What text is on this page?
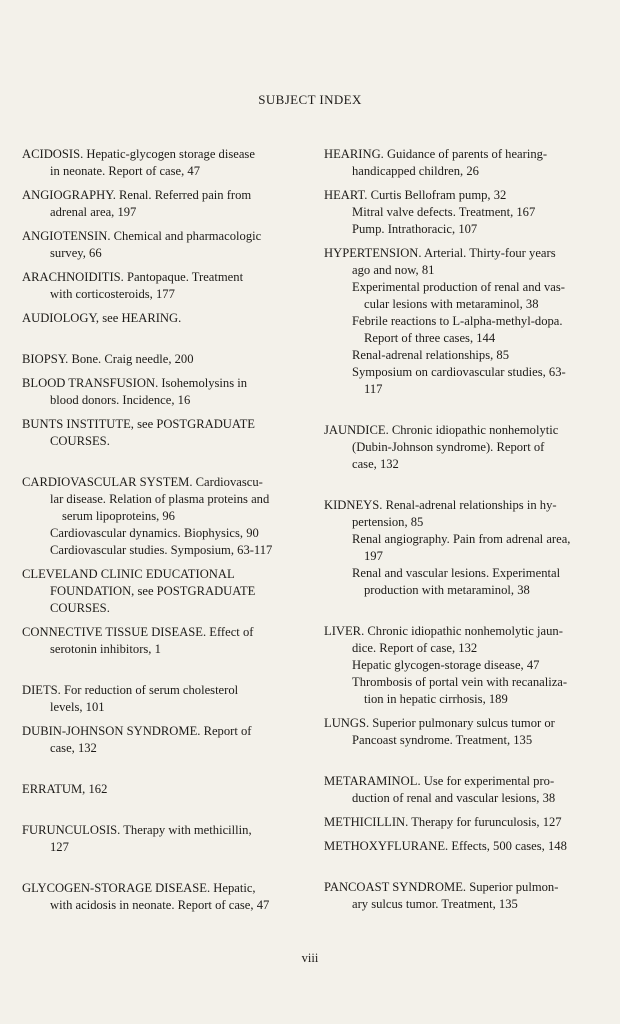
SUBJECT INDEX
ACIDOSIS. Hepatic-glycogen storage disease
in neonate. Report of case, 47
ANGIOGRAPHY. Renal. Referred pain from
adrenal area, 197
ANGIOTENSIN. Chemical and pharmacologic
survey, 66
ARACHNOIDITIS. Pantopaque. Treatment
with corticosteroids, 177
AUDIOLOGY, see HEARING.
BIOPSY. Bone. Craig needle, 200
BLOOD TRANSFUSION. Isohemolysins in
blood donors. Incidence, 16
BUNTS INSTITUTE, see POSTGRADUATE
COURSES.
CARDIOVASCULAR SYSTEM. Cardiovascu-
lar disease. Relation of plasma proteins and
serum lipoproteins, 96
Cardiovascular dynamics. Biophysics, 90
Cardiovascular studies. Symposium, 63-117
CLEVELAND CLINIC EDUCATIONAL
FOUNDATION, see POSTGRADUATE
COURSES.
CONNECTIVE TISSUE DISEASE. Effect of
serotonin inhibitors, 1
DIETS. For reduction of serum cholesterol
levels, 101
DUBIN-JOHNSON SYNDROME. Report of
case, 132
ERRATUM, 162
FURUNCULOSIS. Therapy with methicillin,
127
GLYCOGEN-STORAGE DISEASE. Hepatic,
with acidosis in neonate. Report of case, 47
HEARING. Guidance of parents of hearing-
handicapped children, 26
HEART. Curtis Bellofram pump, 32
Mitral valve defects. Treatment, 167
Pump. Intrathoracic, 107
HYPERTENSION. Arterial. Thirty-four years
ago and now, 81
Experimental production of renal and vas-
cular lesions with metaraminol, 38
Febrile reactions to L-alpha-methyl-dopa.
Report of three cases, 144
Renal-adrenal relationships, 85
Symposium on cardiovascular studies, 63-
117
JAUNDICE. Chronic idiopathic nonhemolytic
(Dubin-Johnson syndrome). Report of
case, 132
KIDNEYS. Renal-adrenal relationships in hy-
pertension, 85
Renal angiography. Pain from adrenal area,
197
Renal and vascular lesions. Experimental
production with metaraminol, 38
LIVER. Chronic idiopathic nonhemolytic jaun-
dice. Report of case, 132
Hepatic glycogen-storage disease, 47
Thrombosis of portal vein with recanaliza-
tion in hepatic cirrhosis, 189
LUNGS. Superior pulmonary sulcus tumor or
Pancoast syndrome. Treatment, 135
METARAMINOL. Use for experimental pro-
duction of renal and vascular lesions, 38
METHICILLIN. Therapy for furunculosis, 127
METHOXYFLURANE. Effects, 500 cases, 148
PANCOAST SYNDROME. Superior pulmon-
ary sulcus tumor. Treatment, 135
viii
